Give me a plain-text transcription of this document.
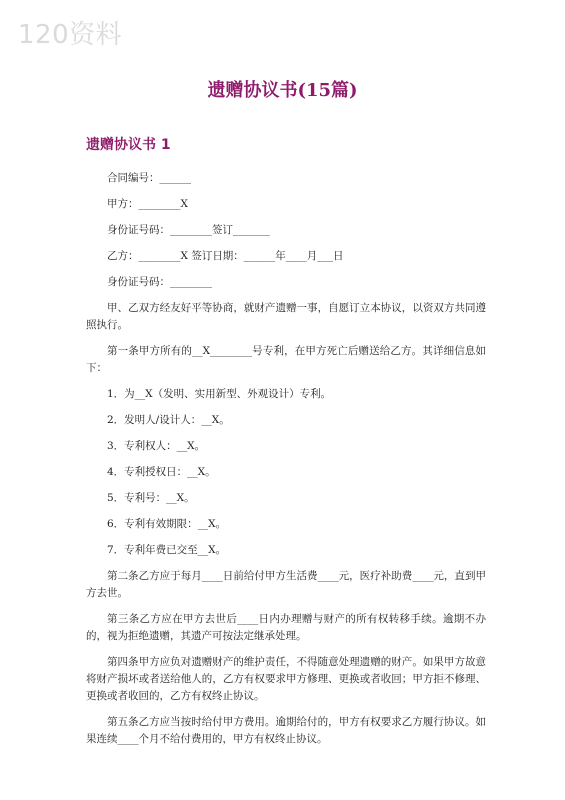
120资料
遗赠协议书(15篇)
遗赠协议书 1

合同编号：______

甲方：________X

身份证号码：________签订_______

乙方：________X 签订日期：______年____月___日

身份证号码：________

甲、乙双方经友好平等协商，就财产遗赠一事，自愿订立本协议，以资双方共同遵照执行。

第一条甲方所有的__X________号专利，在甲方死亡后赠送给乙方。其详细信息如下：

1．为__X（发明、实用新型、外观设计）专利。

2．发明人/设计人：__X。

3．专利权人：__X。

4．专利授权日：__X。

5．专利号：__X。

6．专利有效期限：__X。

7．专利年费已交至__X。

第二条乙方应于每月____日前给付甲方生活费____元，医疗补助费____元，直到甲方去世。

第三条乙方应在甲方去世后____日内办理赠与财产的所有权转移手续。逾期不办的，视为拒绝遗赠，其遗产可按法定继承处理。

第四条甲方应负对遗赠财产的维护责任，不得随意处理遗赠的财产。如果甲方故意将财产损坏或者送给他人的，乙方有权要求甲方修理、更换或者收回；甲方拒不修理、更换或者收回的，乙方有权终止协议。

第五条乙方应当按时给付甲方费用。逾期给付的，甲方有权要求乙方履行协议。如果连续____个月不给付费用的，甲方有权终止协议。
